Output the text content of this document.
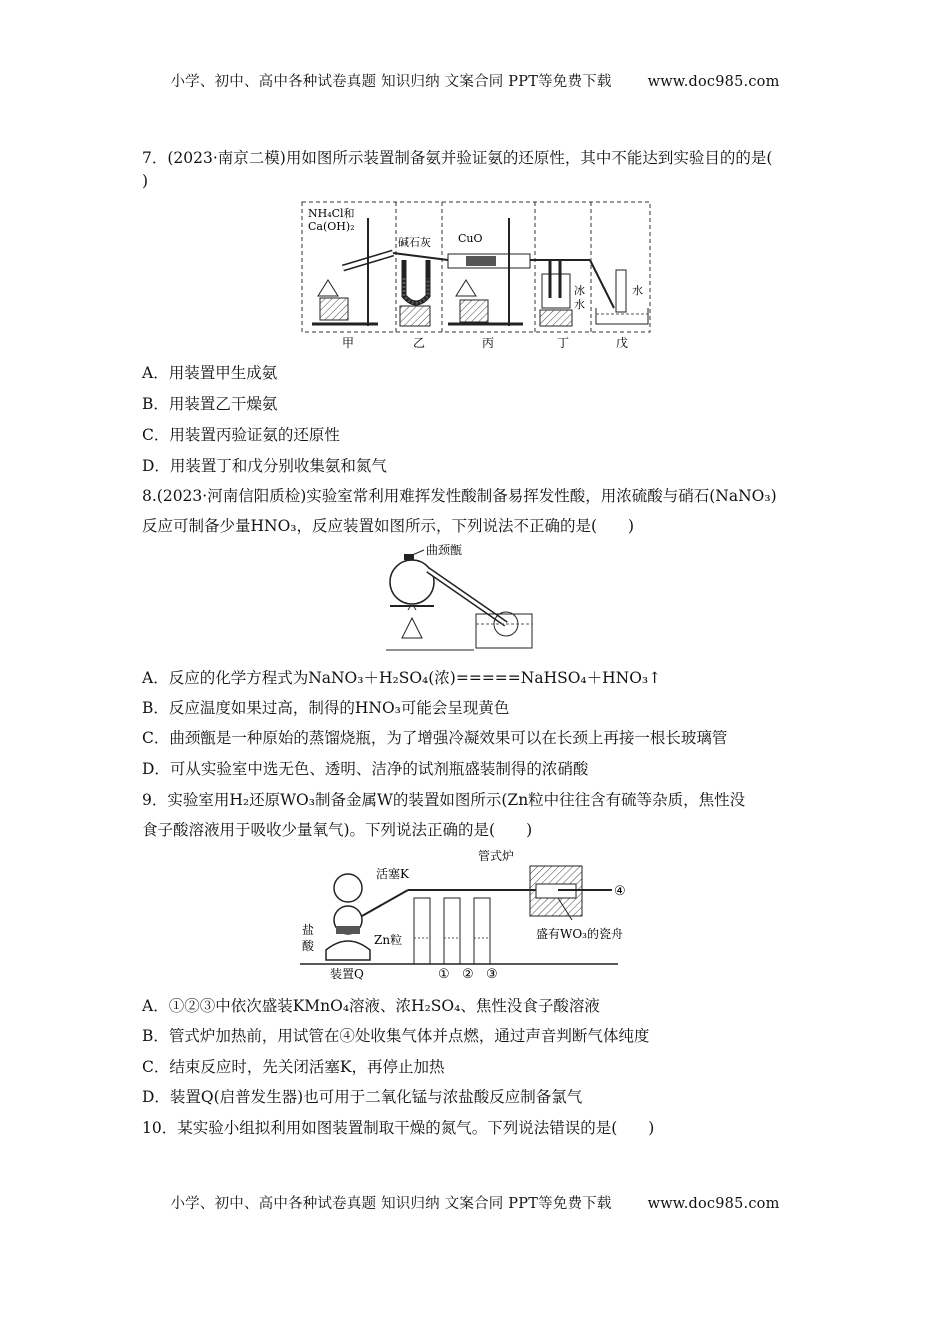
小学、初中、高中各种试卷真题 知识归纳 文案合同 PPT等免费下载 www.doc985.com
7．(2023·南京二模)用如图所示装置制备氨并验证氨的还原性，其中不能达到实验目的的是(
)
NH₄Cl和
Ca(OH)₂
碱石灰 CuO
冰
水
水
甲	乙	丙	丁	戊
A．用装置甲生成氨
B．用装置乙干燥氨
C．用装置丙验证氨的还原性
D．用装置丁和戊分别收集氨和氮气
8.(2023·河南信阳质检)实验室常利用难挥发性酸制备易挥发性酸，用浓硫酸与硝石(NaNO₃)
反应可制备少量HNO₃，反应装置如图所示，下列说法不正确的是(　　)
曲颈甑
A．反应的化学方程式为NaNO₃＋H₂SO₄(浓)=====NaHSO₄＋HNO₃↑
B．反应温度如果过高，制得的HNO₃可能会呈现黄色
C．曲颈甑是一种原始的蒸馏烧瓶，为了增强冷凝效果可以在长颈上再接一根长玻璃管
D．可从实验室中选无色、透明、洁净的试剂瓶盛装制得的浓硝酸
9．实验室用H₂还原WO₃制备金属W的装置如图所示(Zn粒中往往含有硫等杂质，焦性没
食子酸溶液用于吸收少量氧气)。下列说法正确的是(　　)
管式炉
活塞K
盐
酸	Zn粒
装置Q	① ② ③
④
盛有WO₃的瓷舟
A．①②③中依次盛装KMnO₄溶液、浓H₂SO₄、焦性没食子酸溶液
B．管式炉加热前，用试管在④处收集气体并点燃，通过声音判断气体纯度
C．结束反应时，先关闭活塞K，再停止加热
D．装置Q(启普发生器)也可用于二氧化锰与浓盐酸反应制备氯气
10．某实验小组拟利用如图装置制取干燥的氮气。下列说法错误的是(　　)
小学、初中、高中各种试卷真题 知识归纳 文案合同 PPT等免费下载 www.doc985.com
